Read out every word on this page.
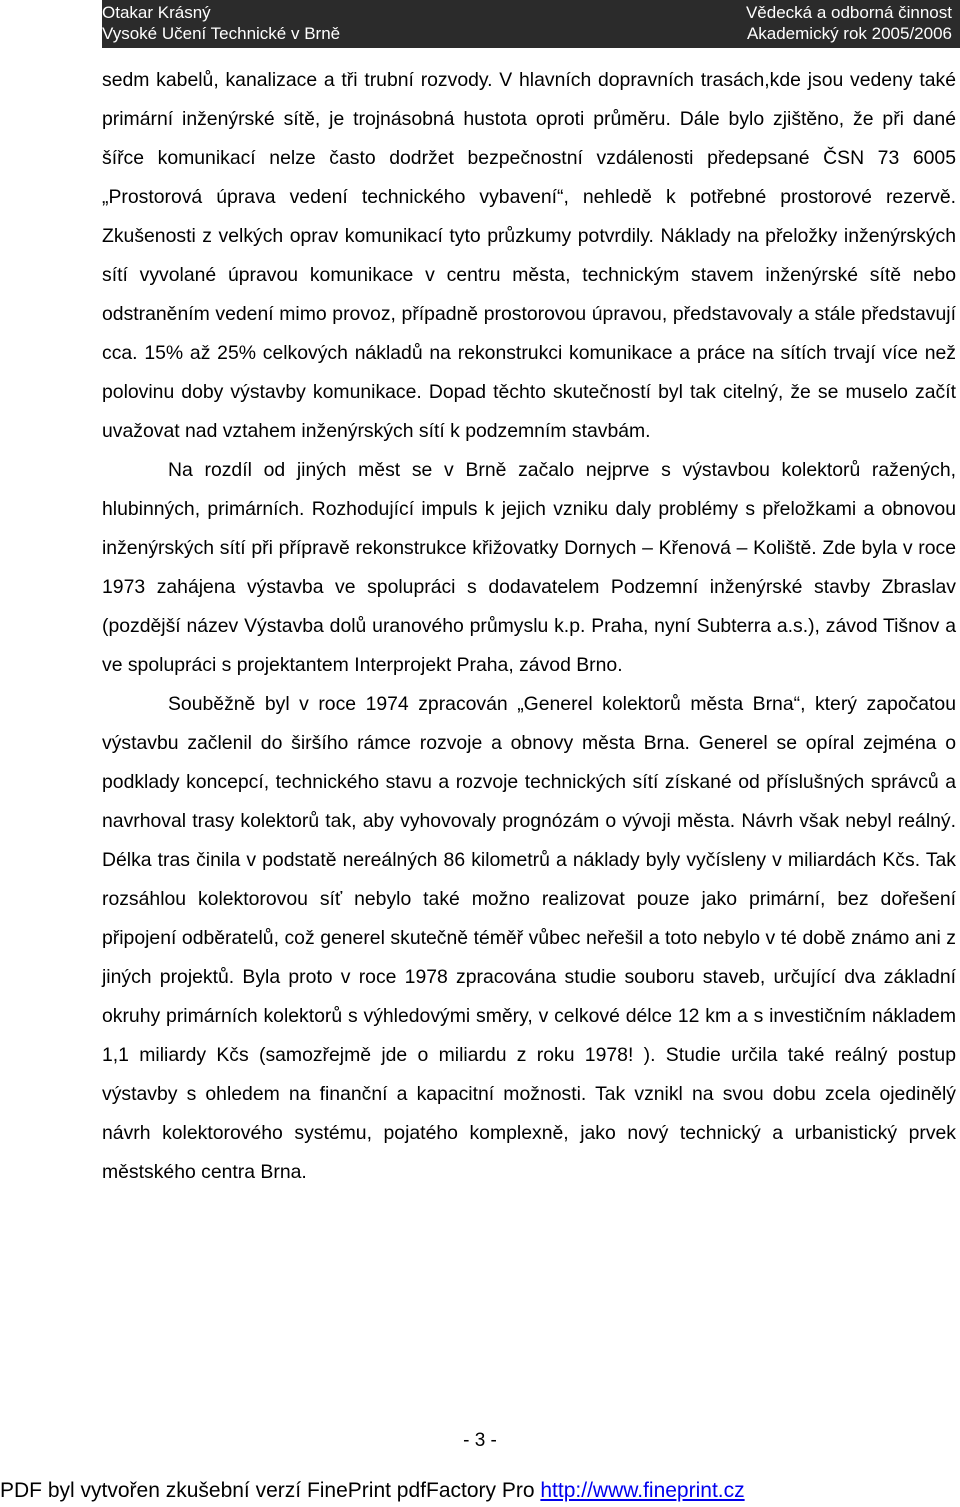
Otakar Krásný
Vysoké Učení Technické v Brně
Vědecká a odborná činnost
Akademický rok 2005/2006

sedm kabelů, kanalizace a tři trubní rozvody. V hlavních dopravních trasách,kde jsou vedeny také primární inženýrské sítě, je trojnásobná hustota oproti průměru. Dále bylo zjištěno, že při dané šířce komunikací nelze často dodržet bezpečnostní vzdálenosti předepsané ČSN 73 6005 „Prostorová úprava vedení technického vybavení“, nehledě k potřebné prostorové rezervě. Zkušenosti z velkých oprav komunikací tyto průzkumy potvrdily. Náklady na přeložky inženýrských sítí vyvolané úpravou komunikace v centru města, technickým stavem inženýrské sítě nebo odstraněním vedení mimo provoz, případně prostorovou úpravou, představovaly a stále představují cca. 15% až 25% celkových nákladů na rekonstrukci komunikace a práce na sítích trvají více než polovinu doby výstavby komunikace. Dopad těchto skutečností byl tak citelný, že se muselo začít uvažovat nad vztahem inženýrských sítí k podzemním stavbám.

Na rozdíl od jiných měst se v Brně začalo nejprve s výstavbou kolektorů ražených, hlubinných, primárních. Rozhodující impuls k jejich vzniku daly problémy s přeložkami a obnovou inženýrských sítí při přípravě rekonstrukce křižovatky Dornych – Křenová – Koliště. Zde byla v roce 1973 zahájena výstavba ve spolupráci s dodavatelem Podzemní inženýrské stavby Zbraslav (pozdější název Výstavba dolů uranového průmyslu k.p. Praha, nyní Subterra a.s.), závod Tišnov a ve spolupráci s projektantem Interprojekt Praha, závod Brno.

Souběžně byl v roce 1974 zpracován „Generel kolektorů města Brna“, který započatou výstavbu začlenil do širšího rámce rozvoje a obnovy města Brna. Generel se opíral zejména o podklady koncepcí, technického stavu a rozvoje technických sítí získané od příslušných správců a navrhoval trasy kolektorů tak, aby vyhovovaly prognózám o vývoji města. Návrh však nebyl reálný. Délka tras činila v podstatě nereálných 86 kilometrů a náklady byly vyčísleny v miliardách Kčs. Tak rozsáhlou kolektorovou síť nebylo také možno realizovat pouze jako primární, bez dořešení připojení odběratelů, což generel skutečně téměř vůbec neřešil a toto nebylo v té době známo ani z jiných projektů. Byla proto v roce 1978 zpracována studie souboru staveb, určující dva základní okruhy primárních kolektorů s výhledovými směry, v celkové délce 12 km a s investičním nákladem 1,1 miliardy Kčs (samozřejmě jde o miliardu z roku 1978! ). Studie určila také reálný postup výstavby s ohledem na finanční a kapacitní možnosti. Tak vznikl na svou dobu zcela ojedinělý návrh kolektorového systému, pojatého komplexně, jako nový technický a urbanistický prvek městského centra Brna.

- 3 -
PDF byl vytvořen zkušební verzí FinePrint pdfFactory Pro http://www.fineprint.cz
